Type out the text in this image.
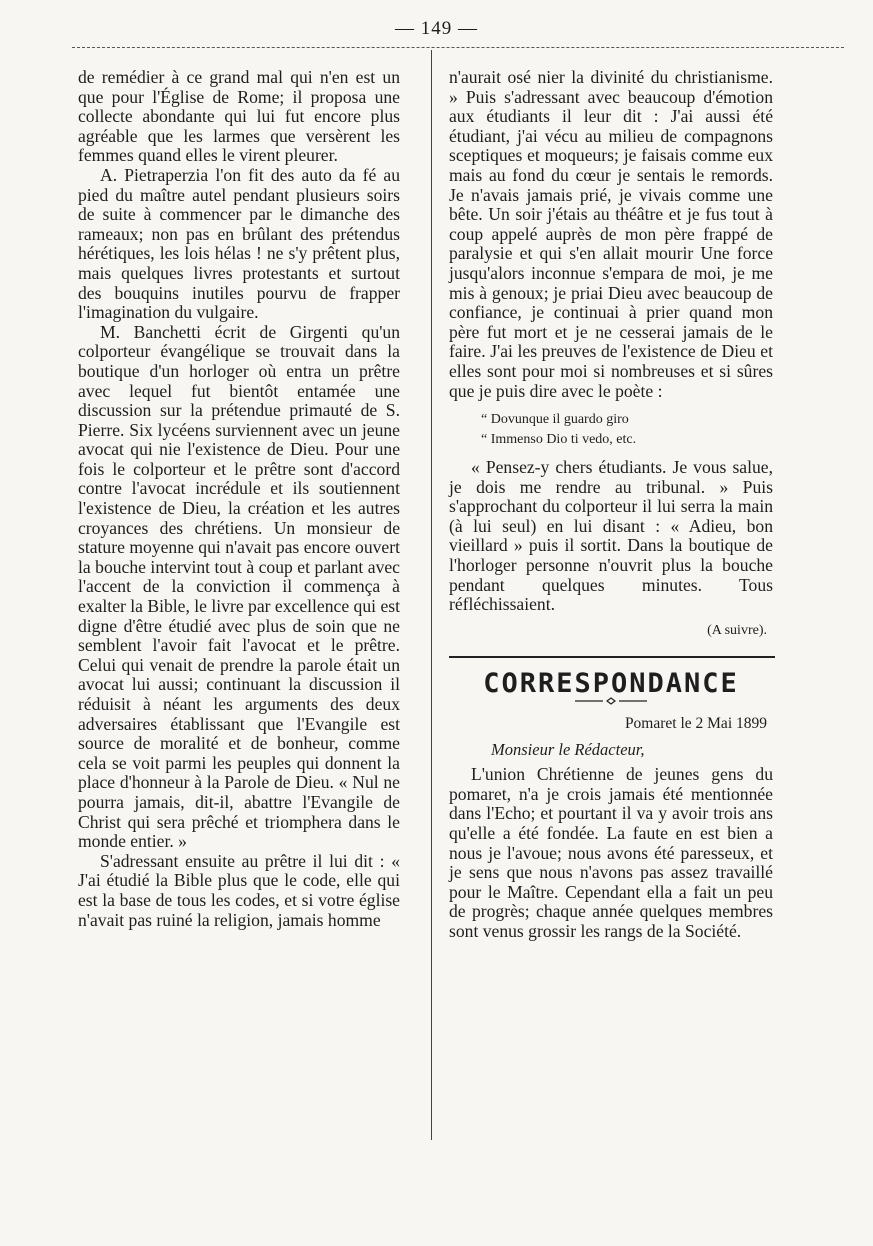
— 149 —

de remédier à ce grand mal qui n'en est un que pour l'Église de Rome; il proposa une collecte abondante qui lui fut encore plus agréable que les larmes que versèrent les femmes quand elles le virent pleurer.

A. Pietraperzia l'on fit des auto da fé au pied du maître autel pendant plusieurs soirs de suite à commencer par le dimanche des rameaux; non pas en brûlant des prétendus hérétiques, les lois hélas ! ne s'y prêtent plus, mais quelques livres protestants et surtout des bouquins inutiles pourvu de frapper l'imagination du vulgaire.

M. Banchetti écrit de Girgenti qu'un colporteur évangélique se trouvait dans la boutique d'un horloger où entra un prêtre avec lequel fut bientôt entamée une discussion sur la prétendue primauté de S. Pierre. Six lycéens surviennent avec un jeune avocat qui nie l'existence de Dieu. Pour une fois le colporteur et le prêtre sont d'accord contre l'avocat incrédule et ils soutiennent l'existence de Dieu, la création et les autres croyances des chrétiens. Un monsieur de stature moyenne qui n'avait pas encore ouvert la bouche intervint tout à coup et parlant avec l'accent de la conviction il commença à exalter la Bible, le livre par excellence qui est digne d'être étudié avec plus de soin que ne semblent l'avoir fait l'avocat et le prêtre. Celui qui venait de prendre la parole était un avocat lui aussi; continuant la discussion il réduisit à néant les arguments des deux adversaires établissant que l'Evangile est source de moralité et de bonheur, comme cela se voit parmi les peuples qui donnent la place d'honneur à la Parole de Dieu. « Nul ne pourra jamais, dit-il, abattre l'Evangile de Christ qui sera prêché et triomphera dans le monde entier. »

S'adressant ensuite au prêtre il lui dit : « J'ai étudié la Bible plus que le code, elle qui est la base de tous les codes, et si votre église n'avait pas ruiné la religion, jamais homme

n'aurait osé nier la divinité du christianisme. » Puis s'adressant avec beaucoup d'émotion aux étudiants il leur dit : J'ai aussi été étudiant, j'ai vécu au milieu de compagnons sceptiques et moqueurs; je faisais comme eux mais au fond du cœur je sentais le remords. Je n'avais jamais prié, je vivais comme une bête. Un soir j'étais au théâtre et je fus tout à coup appelé auprès de mon père frappé de paralysie et qui s'en allait mourir Une force jusqu'alors inconnue s'empara de moi, je me mis à genoux; je priai Dieu avec beaucoup de confiance, je continuai à prier quand mon père fut mort et je ne cesserai jamais de le faire. J'ai les preuves de l'existence de Dieu et elles sont pour moi si nombreuses et si sûres que je puis dire avec le poète :

“ Dovunque il guardo giro
“ Immenso Dio ti vedo, etc.

« Pensez-y chers étudiants. Je vous salue, je dois me rendre au tribunal. » Puis s'approchant du colporteur il lui serra la main (à lui seul) en lui disant : « Adieu, bon vieillard » puis il sortit. Dans la boutique de l'horloger personne n'ouvrit plus la bouche pendant quelques minutes. Tous réfléchissaient.

(A suivre).
CORRESPONDANCE
Pomaret le 2 Mai 1899
Monsieur le Rédacteur,

L'union Chrétienne de jeunes gens du pomaret, n'a je crois jamais été mentionnée dans l'Echo; et pourtant il va y avoir trois ans qu'elle a été fondée. La faute en est bien a nous je l'avoue; nous avons été paresseux, et je sens que nous n'avons pas assez travaillé pour le Maître. Cependant ella a fait un peu de progrès; chaque année quelques membres sont venus grossir les rangs de la Société.
